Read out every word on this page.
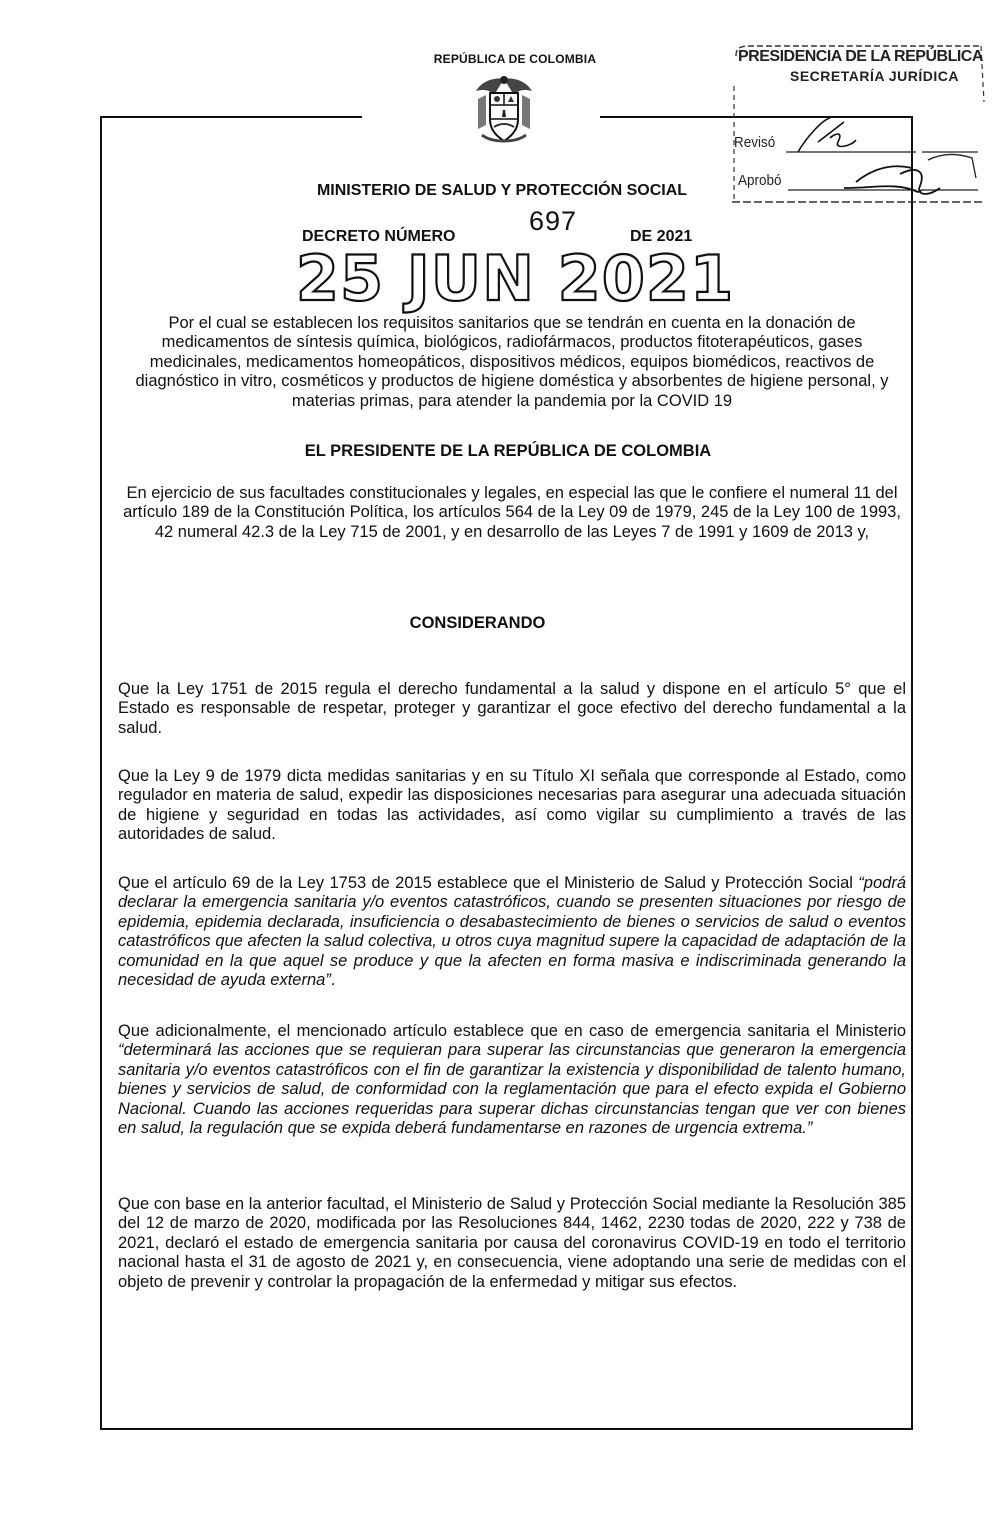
REPÚBLICA DE COLOMBIA	PRESIDENCIA DE LA REPÚBLICA
SECRETARÍA JURÍDICA
Revisó
Aprobó
MINISTERIO DE SALUD Y PROTECCIÓN SOCIAL
DECRETO NÚMERO
697
DE 2021
25 JUN 2021
Por el cual se establecen los requisitos sanitarios que se tendrán en cuenta en la donación de medicamentos de síntesis química, biológicos, radiofármacos, productos fitoterapéuticos, gases medicinales, medicamentos homeopáticos, dispositivos médicos, equipos biomédicos, reactivos de diagnóstico in vitro, cosméticos y productos de higiene doméstica y absorbentes de higiene personal, y materias primas, para atender la pandemia por la COVID 19
EL PRESIDENTE DE LA REPÚBLICA DE COLOMBIA
En ejercicio de sus facultades constitucionales y legales, en especial las que le confiere el numeral 11 del artículo 189 de la Constitución Política, los artículos 564 de la Ley 09 de 1979, 245 de la Ley 100 de 1993, 42 numeral 42.3 de la Ley 715 de 2001, y en desarrollo de las Leyes 7 de 1991 y 1609 de 2013 y,
CONSIDERANDO

Que la Ley 1751 de 2015 regula el derecho fundamental a la salud y dispone en el artículo 5° que el Estado es responsable de respetar, proteger y garantizar el goce efectivo del derecho fundamental a la salud.

Que la Ley 9 de 1979 dicta medidas sanitarias y en su Título XI señala que corresponde al Estado, como regulador en materia de salud, expedir las disposiciones necesarias para asegurar una adecuada situación de higiene y seguridad en todas las actividades, así como vigilar su cumplimiento a través de las autoridades de salud.

Que el artículo 69 de la Ley 1753 de 2015 establece que el Ministerio de Salud y Protección Social “podrá declarar la emergencia sanitaria y/o eventos catastróficos, cuando se presenten situaciones por riesgo de epidemia, epidemia declarada, insuficiencia o desabastecimiento de bienes o servicios de salud o eventos catastróficos que afecten la salud colectiva, u otros cuya magnitud supere la capacidad de adaptación de la comunidad en la que aquel se produce y que la afecten en forma masiva e indiscriminada generando la necesidad de ayuda externa”.

Que adicionalmente, el mencionado artículo establece que en caso de emergencia sanitaria el Ministerio “determinará las acciones que se requieran para superar las circunstancias que generaron la emergencia sanitaria y/o eventos catastróficos con el fin de garantizar la existencia y disponibilidad de talento humano, bienes y servicios de salud, de conformidad con la reglamentación que para el efecto expida el Gobierno Nacional. Cuando las acciones requeridas para superar dichas circunstancias tengan que ver con bienes en salud, la regulación que se expida deberá fundamentarse en razones de urgencia extrema.”

Que con base en la anterior facultad, el Ministerio de Salud y Protección Social mediante la Resolución 385 del 12 de marzo de 2020, modificada por las Resoluciones 844, 1462, 2230 todas de 2020, 222 y 738 de 2021, declaró el estado de emergencia sanitaria por causa del coronavirus COVID-19 en todo el territorio nacional hasta el 31 de agosto de 2021 y, en consecuencia, viene adoptando una serie de medidas con el objeto de prevenir y controlar la propagación de la enfermedad y mitigar sus efectos.
